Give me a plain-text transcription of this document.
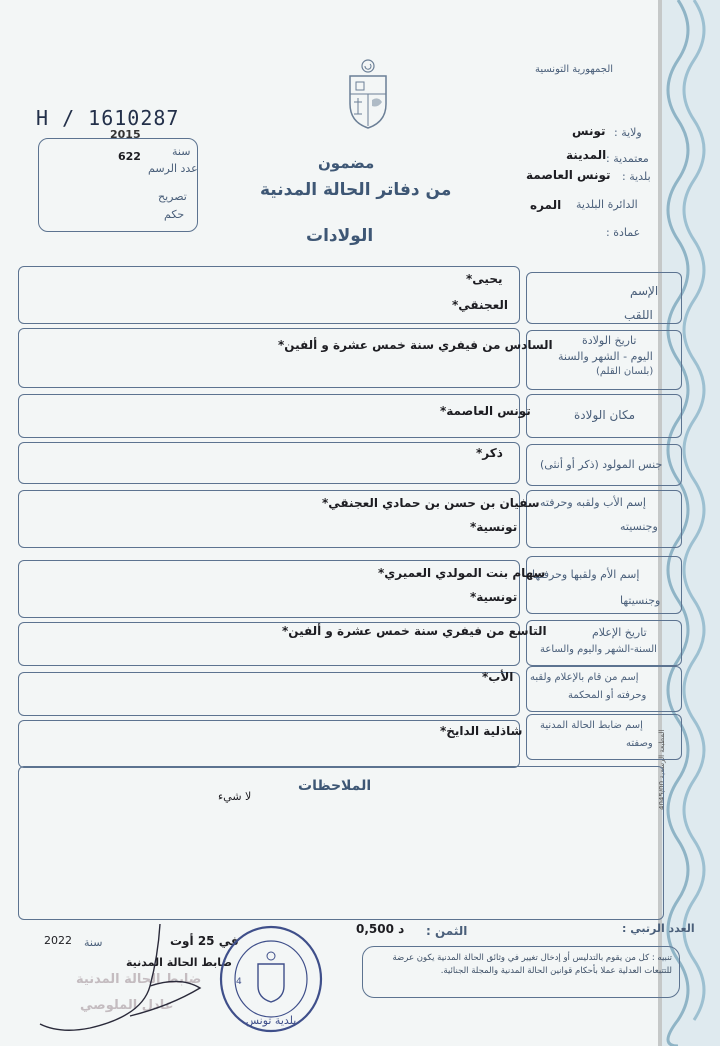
المطبعة الرسمية 4045/00
الجمهورية التونسية
H / 1610287
2015
سنة
622
عدد الرسم
تصريح
حكم
ولاية :
تونس
معتمدية :
المدينة
بلدية :
تونس العاصمة
الدائرة البلدية
المره
عمادة :
مضمون
من دفاتر الحالة المدنية
الولادات
الإسم
اللقب
يحيى*
العجنقي*
تاريخ الولادة
اليوم - الشهر والسنة
(بلسان القلم)
السادس من فيفري سنة خمس عشرة و ألفين*
مكان الولادة
تونس العاصمة*
جنس المولود (ذكر أو أنثى)
ذكر*
إسم الأب ولقبه وحرفته
وجنسيته
سفيان بن حسن بن حمادي العجنقي*
تونسية*
إسم الأم ولقبها وحرفتها
وجنسيتها
سهام بنت المولدي العميري*
تونسية*
تاريخ الإعلام
السنة-الشهر واليوم والساعة
التاسع من فيفري سنة خمس عشرة و ألفين*
إسم من قام بالإعلام ولقبه
وحرفته أو المحكمة
الأب*
إسم ضابط الحالة المدنية
وصفته
شاذلية الدايخ*
الملاحظات
لا شيء
العدد الرتبي :
الثمن :
0,500 د
تنبيه : كل من يقوم بالتدليس أو إدخال تغيير في وثائق الحالة المدنية يكون عرضة للتتبعات العدلية عملا بأحكام قوانين الحالة المدنية والمجلة الجنائية.
في 25 أوت
سنة
2022
ضابط الحالة المدنية
ضابط الحالة المدنية
عادل الملوصي
بلدية تونس
4
